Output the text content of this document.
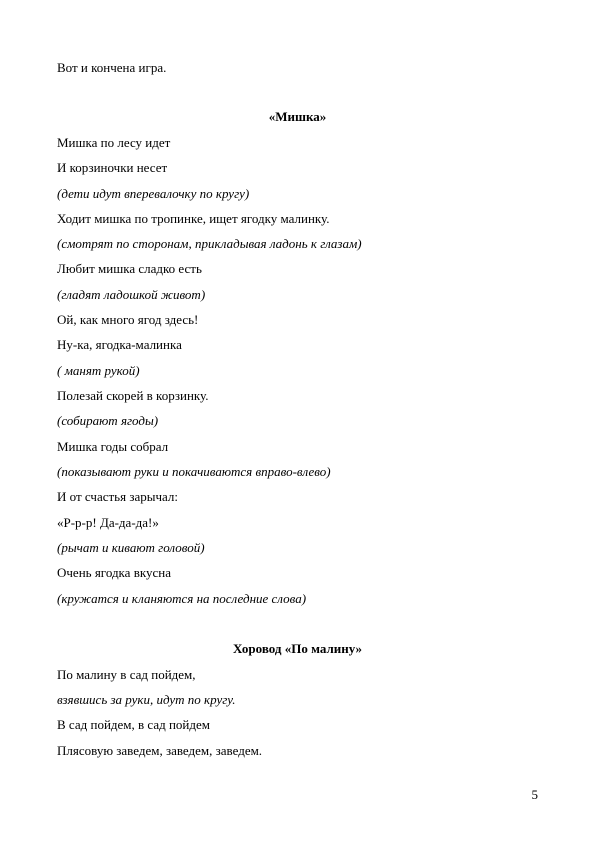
Вот и кончена игра.
«Мишка»
Мишка по лесу идет
И корзиночки несет
(дети идут вперевалочку по кругу)
Ходит мишка по тропинке, ищет ягодку малинку.
(смотрят по сторонам, прикладывая ладонь к глазам)
Любит мишка сладко есть
(гладят ладошкой живот)
Ой, как много ягод здесь!
Ну-ка, ягодка-малинка
( манят рукой)
Полезай скорей в корзинку.
(собирают ягоды)
Мишка годы собрал
(показывают руки и покачиваются вправо-влево)
И от счастья зарычал:
«Р-р-р! Да-да-да!»
(рычат и кивают головой)
Очень ягодка вкусна
(кружатся и кланяются на последние слова)
Хоровод «По малину»
По малину в сад пойдем,
взявшись за руки, идут по кругу.
В сад пойдем, в сад пойдем
Плясовую заведем, заведем, заведем.
5
